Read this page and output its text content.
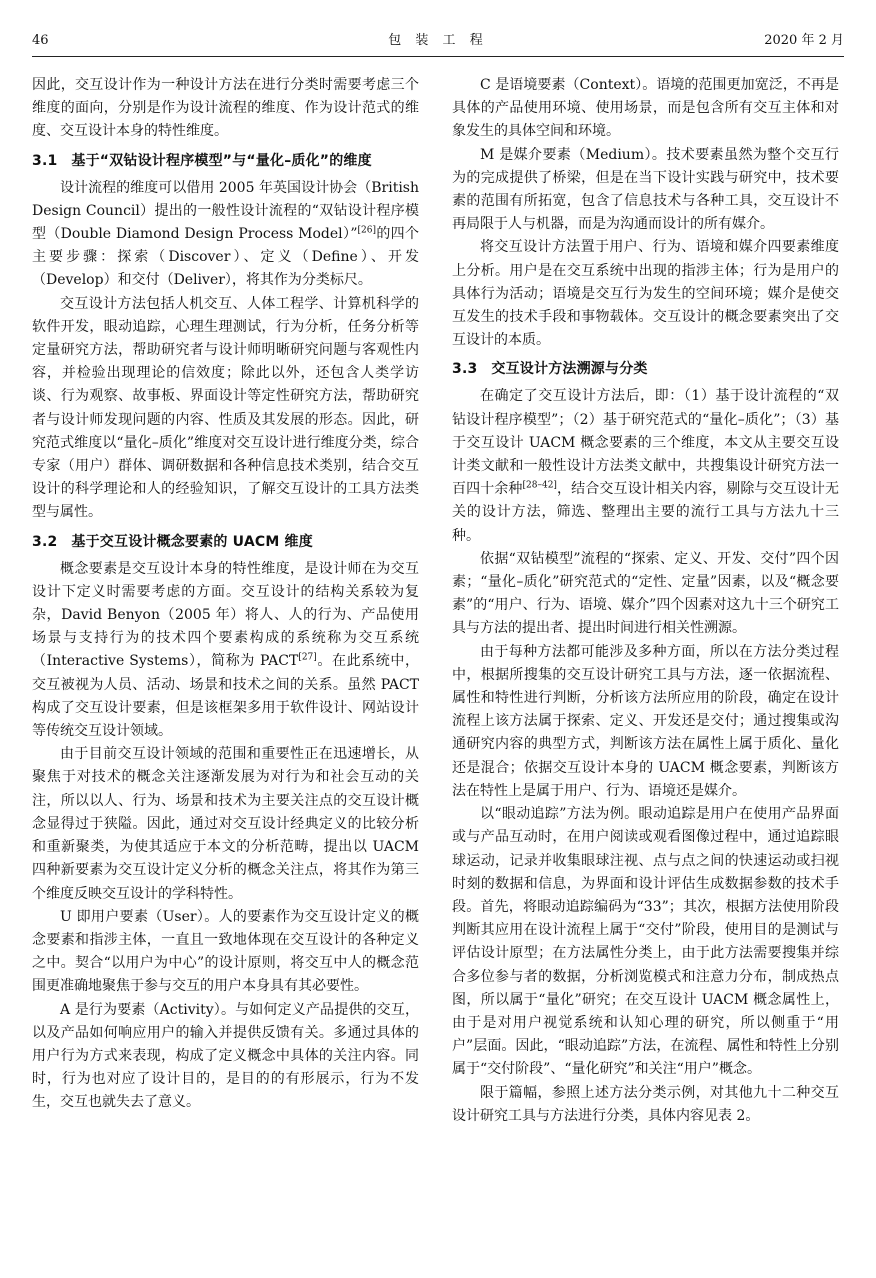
46	包 装 工 程	2020 年 2 月

因此，交互设计作为一种设计方法在进行分类时需要考虑三个维度的面向，分别是作为设计流程的维度、作为设计范式的维度、交互设计本身的特性维度。

3.1 基于“双钻设计程序模型”与“量化–质化”的维度

设计流程的维度可以借用 2005 年英国设计协会（British Design Council）提出的一般性设计流程的“双钻设计程序模型（Double Diamond Design Process Model）”[26]的四个主要步骤：探索（Discover）、定义（Define）、开发（Develop）和交付（Deliver），将其作为分类标尺。

交互设计方法包括人机交互、人体工程学、计算机科学的软件开发，眼动追踪，心理生理测试，行为分析，任务分析等定量研究方法，帮助研究者与设计师明晰研究问题与客观性内容，并检验出现理论的信效度；除此以外，还包含人类学访谈、行为观察、故事板、界面设计等定性研究方法，帮助研究者与设计师发现问题的内容、性质及其发展的形态。因此，研究范式维度以“量化–质化”维度对交互设计进行维度分类，综合专家（用户）群体、调研数据和各种信息技术类别，结合交互设计的科学理论和人的经验知识，了解交互设计的工具方法类型与属性。

3.2 基于交互设计概念要素的 UACM 维度

概念要素是交互设计本身的特性维度，是设计师在为交互设计下定义时需要考虑的方面。交互设计的结构关系较为复杂，David Benyon（2005 年）将人、人的行为、产品使用场景与支持行为的技术四个要素构成的系统称为交互系统（Interactive Systems），简称为 PACT[27]。在此系统中，交互被视为人员、活动、场景和技术之间的关系。虽然 PACT 构成了交互设计要素，但是该框架多用于软件设计、网站设计等传统交互设计领域。

由于目前交互设计领域的范围和重要性正在迅速增长，从聚焦于对技术的概念关注逐渐发展为对行为和社会互动的关注，所以以人、行为、场景和技术为主要关注点的交互设计概念显得过于狭隘。因此，通过对交互设计经典定义的比较分析和重新聚类，为使其适应于本文的分析范畴，提出以 UACM 四种新要素为交互设计定义分析的概念关注点，将其作为第三个维度反映交互设计的学科特性。

U 即用户要素（User）。人的要素作为交互设计定义的概念要素和指涉主体，一直且一致地体现在交互设计的各种定义之中。契合“以用户为中心”的设计原则，将交互中人的概念范围更准确地聚焦于参与交互的用户本身具有其必要性。

A 是行为要素（Activity）。与如何定义产品提供的交互，以及产品如何响应用户的输入并提供反馈有关。多通过具体的用户行为方式来表现，构成了定义概念中具体的关注内容。同时，行为也对应了设计目的，是目的的有形展示，行为不发生，交互也就失去了意义。

C 是语境要素（Context）。语境的范围更加宽泛，不再是具体的产品使用环境、使用场景，而是包含所有交互主体和对象发生的具体空间和环境。

M 是媒介要素（Medium）。技术要素虽然为整个交互行为的完成提供了桥梁，但是在当下设计实践与研究中，技术要素的范围有所拓宽，包含了信息技术与各种工具，交互设计不再局限于人与机器，而是为沟通而设计的所有媒介。

将交互设计方法置于用户、行为、语境和媒介四要素维度上分析。用户是在交互系统中出现的指涉主体；行为是用户的具体行为活动；语境是交互行为发生的空间环境；媒介是使交互发生的技术手段和事物载体。交互设计的概念要素突出了交互设计的本质。

3.3 交互设计方法溯源与分类

在确定了交互设计方法后，即：（1）基于设计流程的“双钻设计程序模型”；（2）基于研究范式的“量化–质化”；（3）基于交互设计 UACM 概念要素的三个维度，本文从主要交互设计类文献和一般性设计方法类文献中，共搜集设计研究方法一百四十余种[28–42]，结合交互设计相关内容，剔除与交互设计无关的设计方法，筛选、整理出主要的流行工具与方法九十三种。

依据“双钻模型”流程的“探索、定义、开发、交付”四个因素；“量化–质化”研究范式的“定性、定量”因素，以及“概念要素”的“用户、行为、语境、媒介”四个因素对这九十三个研究工具与方法的提出者、提出时间进行相关性溯源。

由于每种方法都可能涉及多种方面，所以在方法分类过程中，根据所搜集的交互设计研究工具与方法，逐一依据流程、属性和特性进行判断，分析该方法所应用的阶段，确定在设计流程上该方法属于探索、定义、开发还是交付；通过搜集或沟通研究内容的典型方式，判断该方法在属性上属于质化、量化还是混合；依据交互设计本身的 UACM 概念要素，判断该方法在特性上是属于用户、行为、语境还是媒介。

以“眼动追踪”方法为例。眼动追踪是用户在使用产品界面或与产品互动时，在用户阅读或观看图像过程中，通过追踪眼球运动，记录并收集眼球注视、点与点之间的快速运动或扫视时刻的数据和信息，为界面和设计评估生成数据参数的技术手段。首先，将眼动追踪编码为“33”；其次，根据方法使用阶段判断其应用在设计流程上属于“交付”阶段，使用目的是测试与评估设计原型；在方法属性分类上，由于此方法需要搜集并综合多位参与者的数据，分析浏览模式和注意力分布，制成热点图，所以属于“量化”研究；在交互设计 UACM 概念属性上，由于是对用户视觉系统和认知心理的研究，所以侧重于“用户”层面。因此，“眼动追踪”方法，在流程、属性和特性上分别属于“交付阶段”、“量化研究”和关注“用户”概念。

限于篇幅，参照上述方法分类示例，对其他九十二种交互设计研究工具与方法进行分类，具体内容见表 2。
